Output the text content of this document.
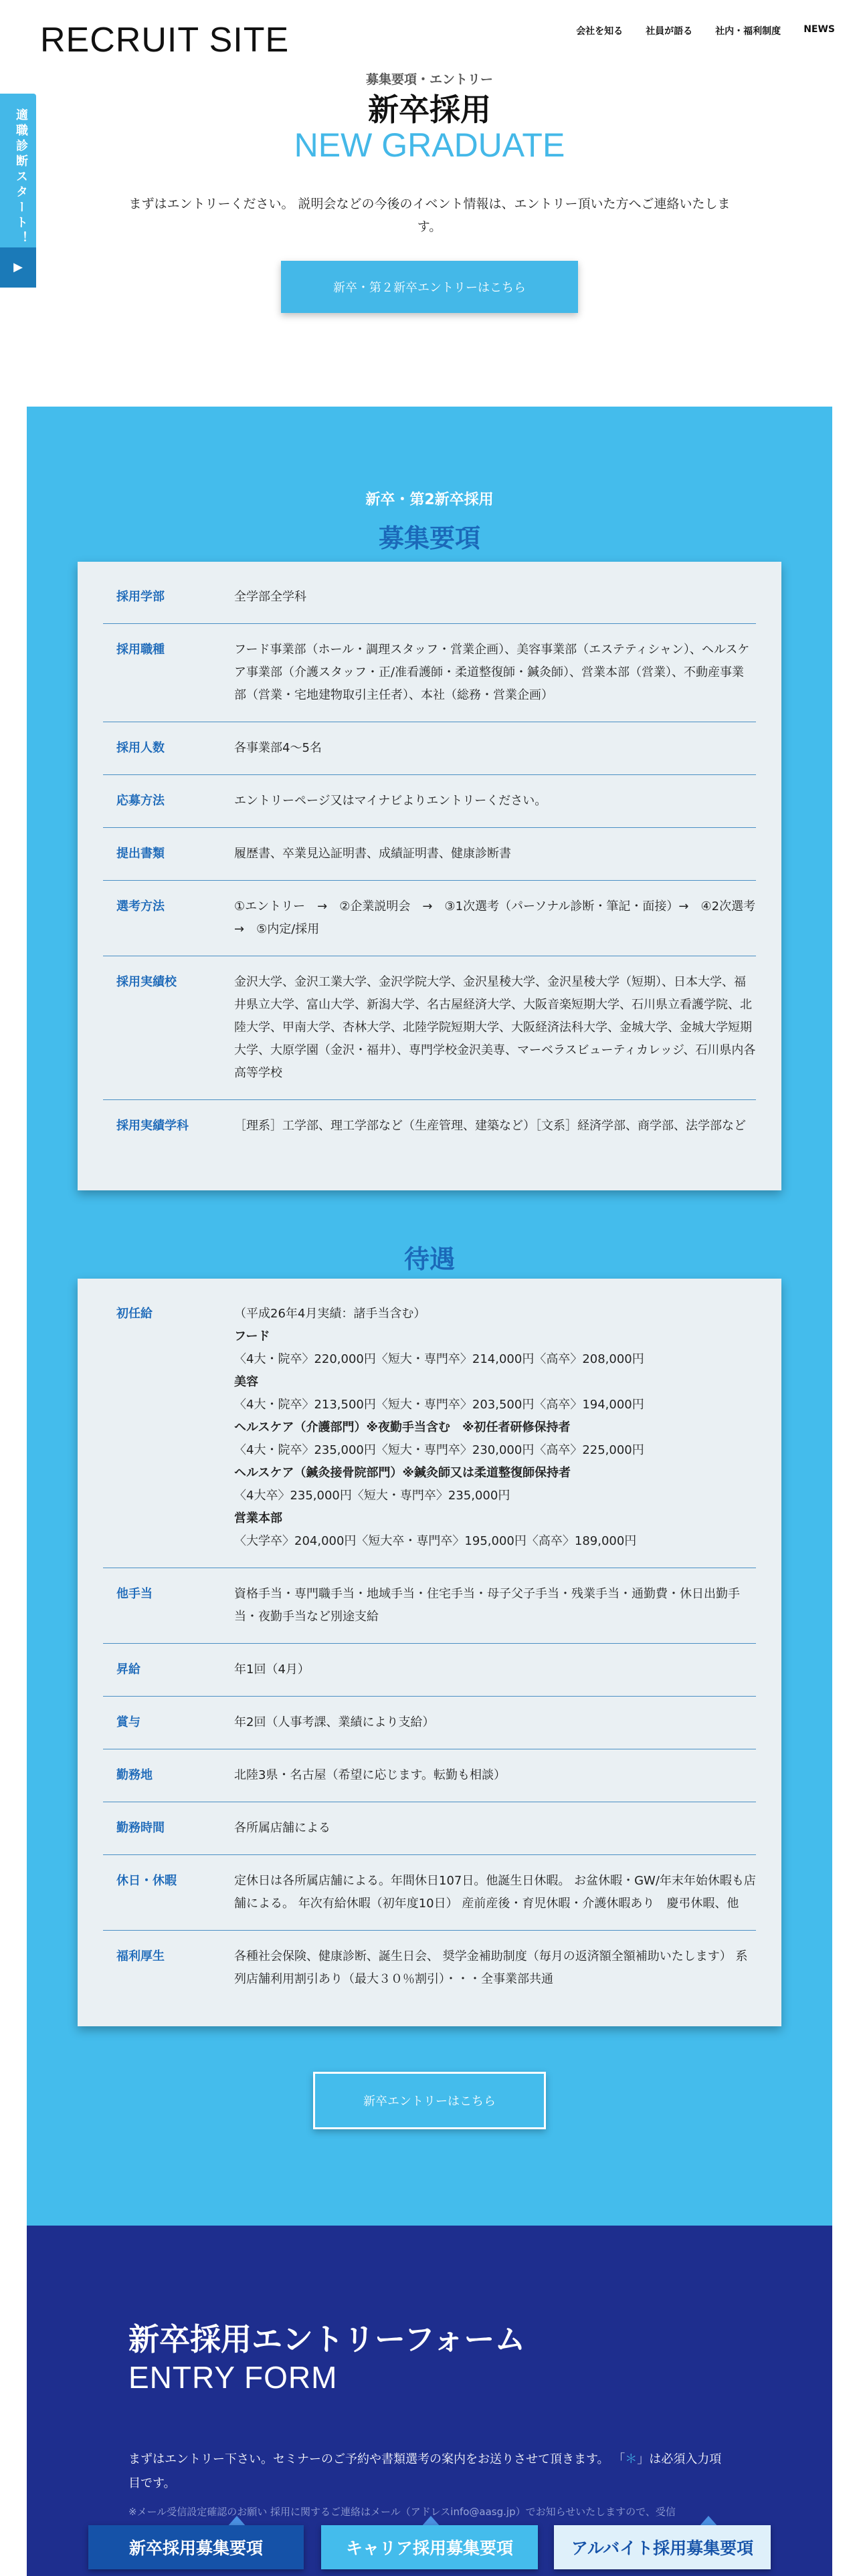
RECRUIT SITE	会社を知る 社員が語る 社内・福利制度 NEWS
適職診断スタート！
▶
募集要項・エントリー
新卒採用
NEW GRADUATE

まずはエントリーください。 説明会などの今後のイベント情報は、エントリー頂いた方へご連絡いたします。

新卒・第２新卒エントリーはこちら
新卒・第2新卒採用
募集要項
採用学部	全学部全学科
採用職種	フード事業部（ホール・調理スタッフ・営業企画）、美容事業部（エステティシャン）、ヘルスケア事業部（介護スタッフ・正/准看護師・柔道整復師・鍼灸師）、営業本部（営業）、不動産事業部（営業・宅地建物取引主任者）、本社（総務・営業企画）
採用人数	各事業部4～5名
応募方法	エントリーページ又はマイナビよりエントリーください。
提出書類	履歴書、卒業見込証明書、成績証明書、健康診断書
選考方法	①エントリー　→　②企業説明会　→　③1次選考（パーソナル診断・筆記・面接）→　④2次選考　→　⑤内定/採用
採用実績校	金沢大学、金沢工業大学、金沢学院大学、金沢星稜大学、金沢星稜大学（短期）、日本大学、福井県立大学、富山大学、新潟大学、名古屋経済大学、大阪音楽短期大学、石川県立看護学院、北陸大学、甲南大学、杏林大学、北陸学院短期大学、大阪経済法科大学、金城大学、金城大学短期大学、大原学園（金沢・福井）、専門学校金沢美専、マーベラスビューティカレッジ、石川県内各高等学校
採用実績学科	［理系］工学部、理工学部など（生産管理、建築など）［文系］経済学部、商学部、法学部など
待遇
初任給	（平成26年4月実績：諸手当含む）
フード
〈4大・院卒〉220,000円〈短大・専門卒〉214,000円〈高卒〉208,000円
美容
〈4大・院卒〉213,500円〈短大・専門卒〉203,500円〈高卒〉194,000円
ヘルスケア（介護部門）※夜勤手当含む　※初任者研修保持者
〈4大・院卒〉235,000円〈短大・専門卒〉230,000円〈高卒〉225,000円
ヘルスケア（鍼灸接骨院部門）※鍼灸師又は柔道整復師保持者
〈4大卒〉235,000円〈短大・専門卒〉235,000円
営業本部
〈大学卒〉204,000円〈短大卒・専門卒〉195,000円〈高卒〉189,000円
他手当	資格手当・専門職手当・地域手当・住宅手当・母子父子手当・残業手当・通勤費・休日出勤手当・夜勤手当など別途支給
昇給	年1回（4月）
賞与	年2回（人事考課、業績により支給）
勤務地	北陸3県・名古屋（希望に応じます。転勤も相談）
勤務時間	各所属店舗による
休日・休暇	定休日は各所属店舗による。年間休日107日。他誕生日休暇。 お盆休暇・GW/年末年始休暇も店舗による。 年次有給休暇（初年度10日） 産前産後・育児休暇・介護休暇あり　慶弔休暇、他
福利厚生	各種社会保険、健康診断、誕生日会、 奨学金補助制度（毎月の返済額全額補助いたします） 系列店舗利用割引あり（最大３０％割引）・・・全事業部共通
新卒エントリーはこちら
新卒採用エントリーフォーム
ENTRY FORM

まずはエントリー下さい。セミナーのご予約や書類選考の案内をお送りさせて頂きます。 「＊」は必須入力項目です。

※メール受信設定確認のお願い 採用に関するご連絡はメール（アドレスinfo@aasg.jp）でお知らせいたしますので、受信

新卒採用募集要項	キャリア採用募集要項	アルバイト採用募集要項
